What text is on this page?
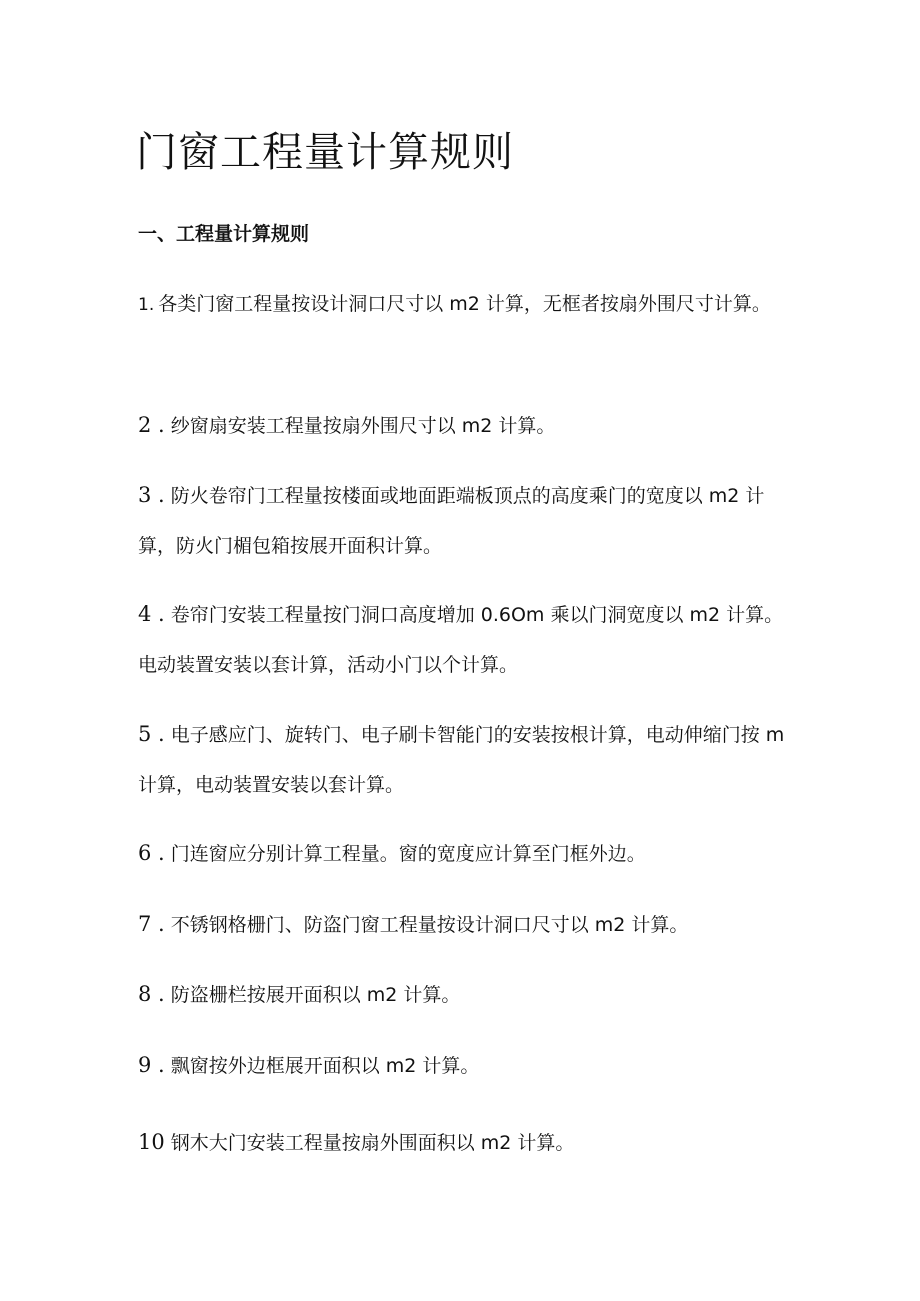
门窗工程量计算规则
一、工程量计算规则

1. 各类门窗工程量按设计洞口尺寸以 m2 计算，无框者按扇外围尺寸计算。

2 . 纱窗扇安装工程量按扇外围尺寸以 m2 计算。

3 . 防火卷帘门工程量按楼面或地面距端板顶点的高度乘门的宽度以 m2 计算，防火门楣包箱按展开面积计算。

4 . 卷帘门安装工程量按门洞口高度增加 0.6Om 乘以门洞宽度以 m2 计算。电动装置安装以套计算，活动小门以个计算。

5 . 电子感应门、旋转门、电子刷卡智能门的安装按根计算，电动伸缩门按 m 计算，电动装置安装以套计算。

6 . 门连窗应分别计算工程量。窗的宽度应计算至门框外边。

7 . 不锈钢格栅门、防盗门窗工程量按设计洞口尺寸以 m2 计算。

8 . 防盗栅栏按展开面积以 m2 计算。

9 . 飘窗按外边框展开面积以 m2 计算。

10 钢木大门安装工程量按扇外围面积以 m2 计算。
